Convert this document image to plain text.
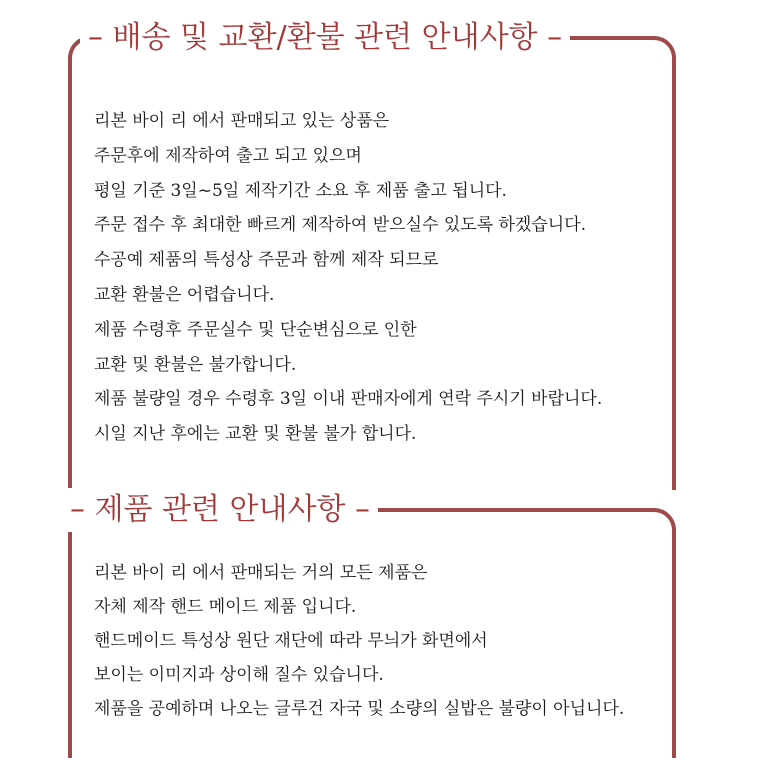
– 배송 및 교환/환불 관련 안내사항 –
리본 바이 리 에서 판매되고 있는 상품은
주문후에 제작하여 출고 되고 있으며
평일 기준 3일~5일 제작기간 소요 후 제품 출고 됩니다.
주문 접수 후 최대한 빠르게 제작하여 받으실수 있도록 하겠습니다.
수공예 제품의 특성상 주문과 함께 제작 되므로
교환 환불은 어렵습니다.
제품 수령후 주문실수 및 단순변심으로 인한
교환 및 환불은 불가합니다.
제품 불량일 경우 수령후 3일 이내 판매자에게 연락 주시기 바랍니다.
시일 지난 후에는 교환 및 환불 불가 합니다.
– 제품 관련 안내사항 –
리본 바이 리 에서 판매되는 거의 모든 제품은
자체 제작 핸드 메이드 제품 입니다.
핸드메이드 특성상 원단 재단에 따라 무늬가 화면에서
보이는 이미지과 상이해 질수 있습니다.
제품을 공예하며 나오는 글루건 자국 및 소량의 실밥은 불량이 아닙니다.
